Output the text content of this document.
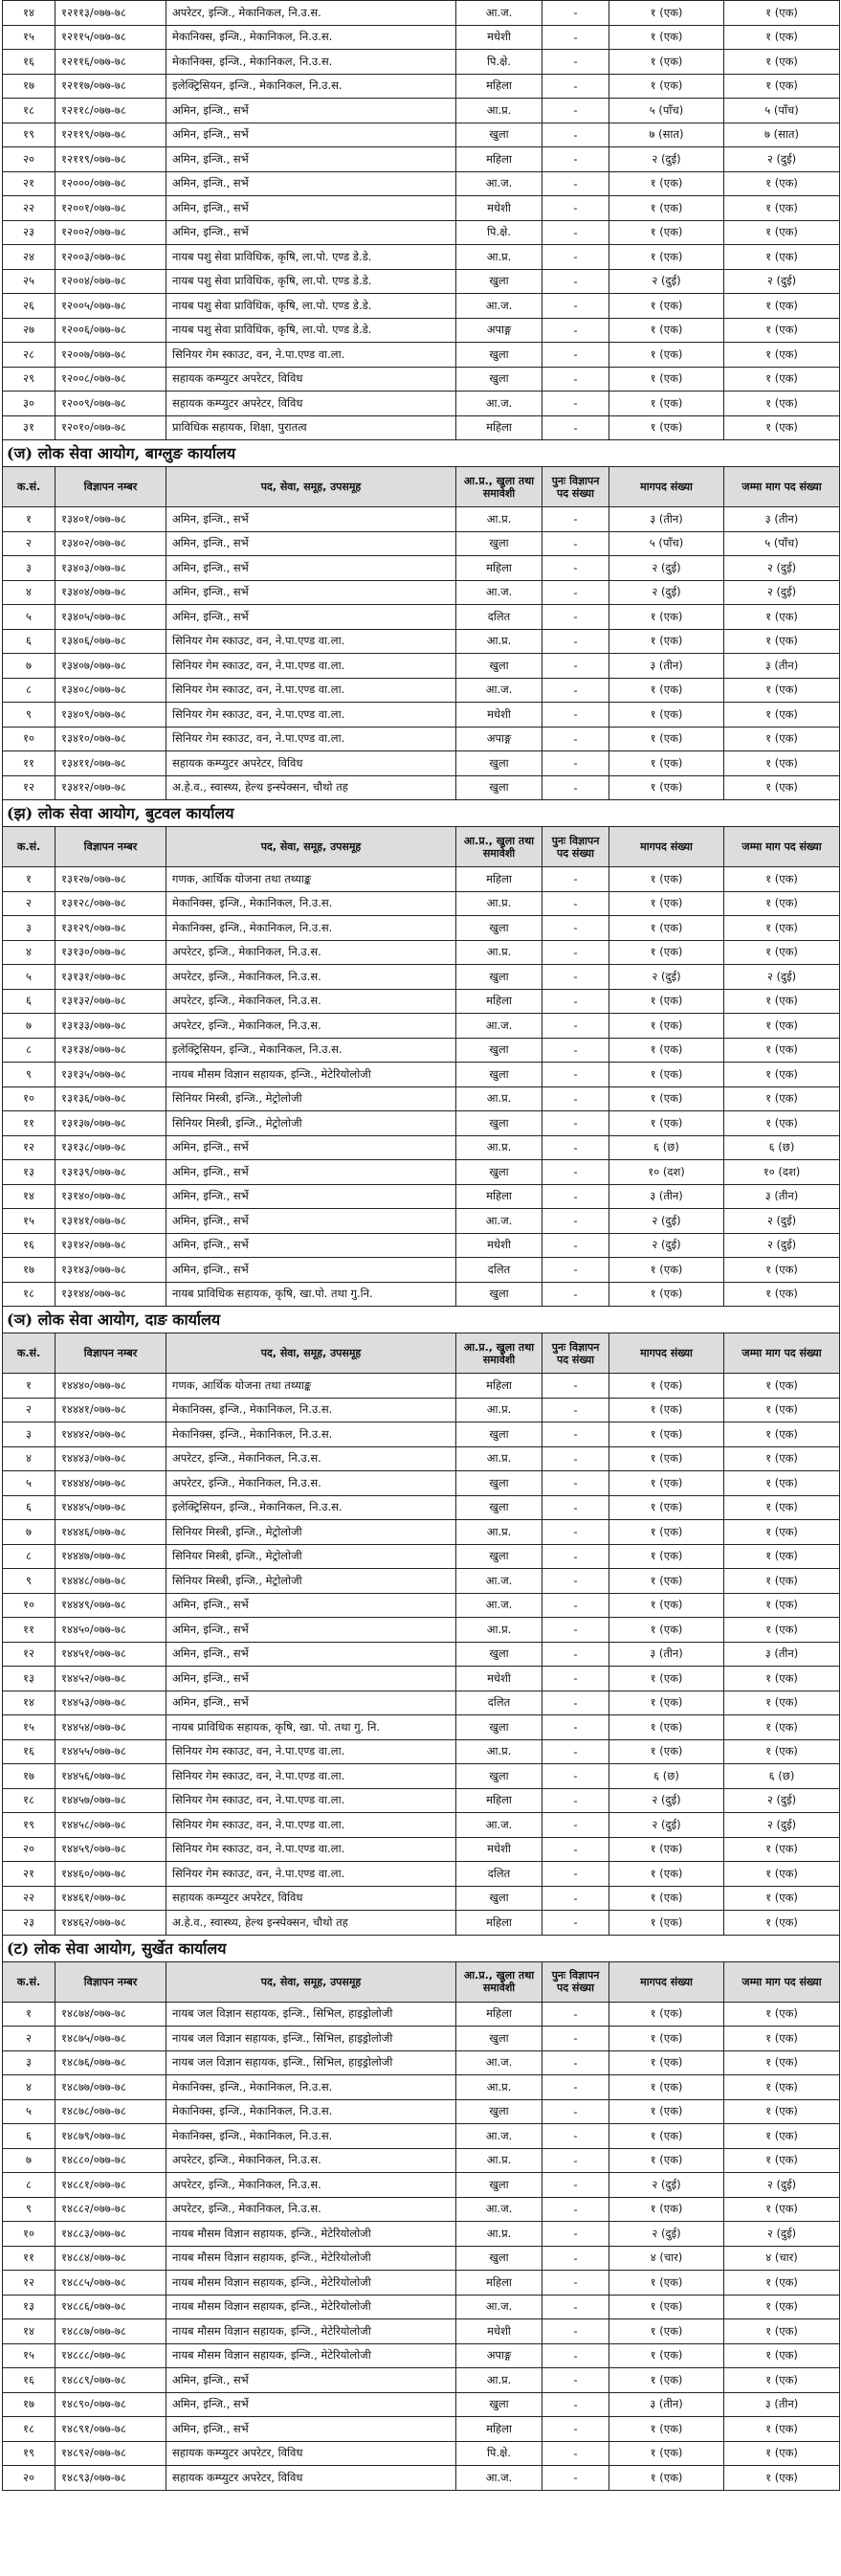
१४	१२११३/०७७-७८	अपरेटर, इन्जि., मेकानिकल, नि.उ.स.	आ.ज.	-	१ (एक)	१ (एक)
१५	१२११५/०७७-७८	मेकानिक्स, इन्जि., मेकानिकल, नि.उ.स.	मधेशी	-	१ (एक)	१ (एक)
१६	१२११६/०७७-७८	मेकानिक्स, इन्जि., मेकानिकल, नि.उ.स.	पि.क्षे.	-	१ (एक)	१ (एक)
१७	१२११७/०७७-७८	इलेक्ट्रिसियन, इन्जि., मेकानिकल, नि.उ.स.	महिला	-	१ (एक)	१ (एक)
१८	१२११८/०७७-७८	अमिन, इन्जि., सर्भे	आ.प्र.	-	५ (पाँच)	५ (पाँच)
१९	१२११९/०७७-७८	अमिन, इन्जि., सर्भे	खुला	-	७ (सात)	७ (सात)
२०	१२११९/०७७-७८	अमिन, इन्जि., सर्भे	महिला	-	२ (दुई)	२ (दुई)
२१	१२०००/०७७-७८	अमिन, इन्जि., सर्भे	आ.ज.	-	१ (एक)	१ (एक)
२२	१२००१/०७७-७८	अमिन, इन्जि., सर्भे	मधेशी	-	१ (एक)	१ (एक)
२३	१२००२/०७७-७८	अमिन, इन्जि., सर्भे	पि.क्षे.	-	१ (एक)	१ (एक)
२४	१२००३/०७७-७८	नायब पशु सेवा प्राविधिक, कृषि, ला.पो. एण्ड डे.डे.	आ.प्र.	-	१ (एक)	१ (एक)
२५	१२००४/०७७-७८	नायब पशु सेवा प्राविधिक, कृषि, ला.पो. एण्ड डे.डे.	खुला	-	२ (दुई)	२ (दुई)
२६	१२००५/०७७-७८	नायब पशु सेवा प्राविधिक, कृषि, ला.पो. एण्ड डे.डे.	आ.ज.	-	१ (एक)	१ (एक)
२७	१२००६/०७७-७८	नायब पशु सेवा प्राविधिक, कृषि, ला.पो. एण्ड डे.डे.	अपाङ्ग	-	१ (एक)	१ (एक)
२८	१२००७/०७७-७८	सिनियर गेम स्काउट, वन, ने.पा.एण्ड वा.ला.	खुला	-	१ (एक)	१ (एक)
२९	१२००८/०७७-७८	सहायक कम्प्युटर अपरेटर, विविध	खुला	-	१ (एक)	१ (एक)
३०	१२००९/०७७-७८	सहायक कम्प्युटर अपरेटर, विविध	आ.ज.	-	१ (एक)	१ (एक)
३१	१२०१०/०७७-७८	प्राविधिक सहायक, शिक्षा, पुरातत्व	महिला	-	१ (एक)	१ (एक)
(ज) लोक सेवा आयोग, बाग्लुङ कार्यालय						
क.सं.	विज्ञापन नम्बर	पद, सेवा, समूह, उपसमूह	आ.प्र., खुला तथा समावेशी	पुनः विज्ञापन पद संख्या	मागपद संख्या	जम्मा माग पद संख्या
१	१३४०१/०७७-७८	अमिन, इन्जि., सर्भे	आ.प्र.	-	३ (तीन)	३ (तीन)
२	१३४०२/०७७-७८	अमिन, इन्जि., सर्भे	खुला	-	५ (पाँच)	५ (पाँच)
३	१३४०३/०७७-७८	अमिन, इन्जि., सर्भे	महिला	-	२ (दुई)	२ (दुई)
४	१३४०४/०७७-७८	अमिन, इन्जि., सर्भे	आ.ज.	-	२ (दुई)	२ (दुई)
५	१३४०५/०७७-७८	अमिन, इन्जि., सर्भे	दलित	-	१ (एक)	१ (एक)
६	१३४०६/०७७-७८	सिनियर गेम स्काउट, वन, ने.पा.एण्ड वा.ला.	आ.प्र.	-	१ (एक)	१ (एक)
७	१३४०७/०७७-७८	सिनियर गेम स्काउट, वन, ने.पा.एण्ड वा.ला.	खुला	-	३ (तीन)	३ (तीन)
८	१३४०८/०७७-७८	सिनियर गेम स्काउट, वन, ने.पा.एण्ड वा.ला.	आ.ज.	-	१ (एक)	१ (एक)
९	१३४०९/०७७-७८	सिनियर गेम स्काउट, वन, ने.पा.एण्ड वा.ला.	मधेशी	-	१ (एक)	१ (एक)
१०	१३४१०/०७७-७८	सिनियर गेम स्काउट, वन, ने.पा.एण्ड वा.ला.	अपाङ्ग	-	१ (एक)	१ (एक)
११	१३४११/०७७-७८	सहायक कम्प्युटर अपरेटर, विविध	खुला	-	१ (एक)	१ (एक)
१२	१३४१२/०७७-७८	अ.हे.व., स्वास्थ्य, हेल्थ इन्स्पेक्सन, चौथो तह	खुला	-	१ (एक)	१ (एक)
(झ) लोक सेवा आयोग, बुटवल कार्यालय						
क.सं.	विज्ञापन नम्बर	पद, सेवा, समूह, उपसमूह	आ.प्र., खुला तथा समावेशी	पुनः विज्ञापन पद संख्या	मागपद संख्या	जम्मा माग पद संख्या
१	१३१२७/०७७-७८	गणक, आर्थिक योजना तथा तथ्याङ्क	महिला	-	१ (एक)	१ (एक)
२	१३१२८/०७७-७८	मेकानिक्स, इन्जि., मेकानिकल, नि.उ.स.	आ.प्र.	-	१ (एक)	१ (एक)
३	१३१२९/०७७-७८	मेकानिक्स, इन्जि., मेकानिकल, नि.उ.स.	खुला	-	१ (एक)	१ (एक)
४	१३१३०/०७७-७८	अपरेटर, इन्जि., मेकानिकल, नि.उ.स.	आ.प्र.	-	१ (एक)	१ (एक)
५	१३१३१/०७७-७८	अपरेटर, इन्जि., मेकानिकल, नि.उ.स.	खुला	-	२ (दुई)	२ (दुई)
६	१३१३२/०७७-७८	अपरेटर, इन्जि., मेकानिकल, नि.उ.स.	महिला	-	१ (एक)	१ (एक)
७	१३१३३/०७७-७८	अपरेटर, इन्जि., मेकानिकल, नि.उ.स.	आ.ज.	-	१ (एक)	१ (एक)
८	१३१३४/०७७-७८	इलेक्ट्रिसियन, इन्जि., मेकानिकल, नि.उ.स.	खुला	-	१ (एक)	१ (एक)
९	१३१३५/०७७-७८	नायब मौसम विज्ञान सहायक, इन्जि., मेटेरियोलोजी	खुला	-	१ (एक)	१ (एक)
१०	१३१३६/०७७-७८	सिनियर मिस्त्री, इन्जि., मेट्रोलोजी	आ.प्र.	-	१ (एक)	१ (एक)
११	१३१३७/०७७-७८	सिनियर मिस्त्री, इन्जि., मेट्रोलोजी	खुला	-	१ (एक)	१ (एक)
१२	१३१३८/०७७-७८	अमिन, इन्जि., सर्भे	आ.प्र.	-	६ (छ)	६ (छ)
१३	१३१३९/०७७-७८	अमिन, इन्जि., सर्भे	खुला	-	१० (दश)	१० (दश)
१४	१३१४०/०७७-७८	अमिन, इन्जि., सर्भे	महिला	-	३ (तीन)	३ (तीन)
१५	१३१४१/०७७-७८	अमिन, इन्जि., सर्भे	आ.ज.	-	२ (दुई)	२ (दुई)
१६	१३१४२/०७७-७८	अमिन, इन्जि., सर्भे	मधेशी	-	२ (दुई)	२ (दुई)
१७	१३१४३/०७७-७८	अमिन, इन्जि., सर्भे	दलित	-	१ (एक)	१ (एक)
१८	१३१४४/०७७-७८	नायब प्राविधिक सहायक, कृषि, खा.पो. तथा गु.नि.	खुला	-	१ (एक)	१ (एक)
(ञ) लोक सेवा आयोग, दाङ कार्यालय						
क.सं.	विज्ञापन नम्बर	पद, सेवा, समूह, उपसमूह	आ.प्र., खुला तथा समावेशी	पुनः विज्ञापन पद संख्या	मागपद संख्या	जम्मा माग पद संख्या
१	१४४४०/०७७-७८	गणक, आर्थिक योजना तथा तथ्याङ्क	महिला	-	१ (एक)	१ (एक)
२	१४४४१/०७७-७८	मेकानिक्स, इन्जि., मेकानिकल, नि.उ.स.	आ.प्र.	-	१ (एक)	१ (एक)
३	१४४४२/०७७-७८	मेकानिक्स, इन्जि., मेकानिकल, नि.उ.स.	खुला	-	१ (एक)	१ (एक)
४	१४४४३/०७७-७८	अपरेटर, इन्जि., मेकानिकल, नि.उ.स.	आ.प्र.	-	१ (एक)	१ (एक)
५	१४४४४/०७७-७८	अपरेटर, इन्जि., मेकानिकल, नि.उ.स.	खुला	-	१ (एक)	१ (एक)
६	१४४४५/०७७-७८	इलेक्ट्रिसियन, इन्जि., मेकानिकल, नि.उ.स.	खुला	-	१ (एक)	१ (एक)
७	१४४४६/०७७-७८	सिनियर मिस्त्री, इन्जि., मेट्रोलोजी	आ.प्र.	-	१ (एक)	१ (एक)
८	१४४४७/०७७-७८	सिनियर मिस्त्री, इन्जि., मेट्रोलोजी	खुला	-	१ (एक)	१ (एक)
९	१४४४८/०७७-७८	सिनियर मिस्त्री, इन्जि., मेट्रोलोजी	आ.ज.	-	१ (एक)	१ (एक)
१०	१४४४९/०७७-७८	अमिन, इन्जि., सर्भे	आ.ज.	-	१ (एक)	१ (एक)
११	१४४५०/०७७-७८	अमिन, इन्जि., सर्भे	आ.प्र.	-	१ (एक)	१ (एक)
१२	१४४५१/०७७-७८	अमिन, इन्जि., सर्भे	खुला	-	३ (तीन)	३ (तीन)
१३	१४४५२/०७७-७८	अमिन, इन्जि., सर्भे	मधेशी	-	१ (एक)	१ (एक)
१४	१४४५३/०७७-७८	अमिन, इन्जि., सर्भे	दलित	-	१ (एक)	१ (एक)
१५	१४४५४/०७७-७८	नायब प्राविधिक सहायक, कृषि, खा. पो. तथा गु. नि.	खुला	-	१ (एक)	१ (एक)
१६	१४४५५/०७७-७८	सिनियर गेम स्काउट, वन, ने.पा.एण्ड वा.ला.	आ.प्र.	-	१ (एक)	१ (एक)
१७	१४४५६/०७७-७८	सिनियर गेम स्काउट, वन, ने.पा.एण्ड वा.ला.	खुला	-	६ (छ)	६ (छ)
१८	१४४५७/०७७-७८	सिनियर गेम स्काउट, वन, ने.पा.एण्ड वा.ला.	महिला	-	२ (दुई)	२ (दुई)
१९	१४४५८/०७७-७८	सिनियर गेम स्काउट, वन, ने.पा.एण्ड वा.ला.	आ.ज.	-	२ (दुई)	२ (दुई)
२०	१४४५९/०७७-७८	सिनियर गेम स्काउट, वन, ने.पा.एण्ड वा.ला.	मधेशी	-	१ (एक)	१ (एक)
२१	१४४६०/०७७-७८	सिनियर गेम स्काउट, वन, ने.पा.एण्ड वा.ला.	दलित	-	१ (एक)	१ (एक)
२२	१४४६१/०७७-७८	सहायक कम्प्युटर अपरेटर, विविध	खुला	-	१ (एक)	१ (एक)
२३	१४४६२/०७७-७८	अ.हे.व., स्वास्थ्य, हेल्थ इन्स्पेक्सन, चौथो तह	महिला	-	१ (एक)	१ (एक)
(ट) लोक सेवा आयोग, सुर्खेत कार्यालय						
क.सं.	विज्ञापन नम्बर	पद, सेवा, समूह, उपसमूह	आ.प्र., खुला तथा समावेशी	पुनः विज्ञापन पद संख्या	मागपद संख्या	जम्मा माग पद संख्या
१	१४८७४/०७७-७८	नायब जल विज्ञान सहायक, इन्जि., सिभिल, हाइड्रोलोजी	महिला	-	१ (एक)	१ (एक)
२	१४८७५/०७७-७८	नायब जल विज्ञान सहायक, इन्जि., सिभिल, हाइड्रोलोजी	खुला	-	१ (एक)	१ (एक)
३	१४८७६/०७७-७८	नायब जल विज्ञान सहायक, इन्जि., सिभिल, हाइड्रोलोजी	आ.ज.	-	१ (एक)	१ (एक)
४	१४८७७/०७७-७८	मेकानिक्स, इन्जि., मेकानिकल, नि.उ.स.	आ.प्र.	-	१ (एक)	१ (एक)
५	१४८७८/०७७-७८	मेकानिक्स, इन्जि., मेकानिकल, नि.उ.स.	खुला	-	१ (एक)	१ (एक)
६	१४८७९/०७७-७८	मेकानिक्स, इन्जि., मेकानिकल, नि.उ.स.	आ.ज.	-	१ (एक)	१ (एक)
७	१४८८०/०७७-७८	अपरेटर, इन्जि., मेकानिकल, नि.उ.स.	आ.प्र.	-	१ (एक)	१ (एक)
८	१४८८१/०७७-७८	अपरेटर, इन्जि., मेकानिकल, नि.उ.स.	खुला	-	२ (दुई)	२ (दुई)
९	१४८८२/०७७-७८	अपरेटर, इन्जि., मेकानिकल, नि.उ.स.	आ.ज.	-	१ (एक)	१ (एक)
१०	१४८८३/०७७-७८	नायब मौसम विज्ञान सहायक, इन्जि., मेटेरियोलोजी	आ.प्र.	-	२ (दुई)	२ (दुई)
११	१४८८४/०७७-७८	नायब मौसम विज्ञान सहायक, इन्जि., मेटेरियोलोजी	खुला	-	४ (चार)	४ (चार)
१२	१४८८५/०७७-७८	नायब मौसम विज्ञान सहायक, इन्जि., मेटेरियोलोजी	महिला	-	१ (एक)	१ (एक)
१३	१४८८६/०७७-७८	नायब मौसम विज्ञान सहायक, इन्जि., मेटेरियोलोजी	आ.ज.	-	१ (एक)	१ (एक)
१४	१४८८७/०७७-७८	नायब मौसम विज्ञान सहायक, इन्जि., मेटेरियोलोजी	मधेशी	-	१ (एक)	१ (एक)
१५	१४८८८/०७७-७८	नायब मौसम विज्ञान सहायक, इन्जि., मेटेरियोलोजी	अपाङ्ग	-	१ (एक)	१ (एक)
१६	१४८८९/०७७-७८	अमिन, इन्जि., सर्भे	आ.प्र.	-	१ (एक)	१ (एक)
१७	१४८९०/०७७-७८	अमिन, इन्जि., सर्भे	खुला	-	३ (तीन)	३ (तीन)
१८	१४८९१/०७७-७८	अमिन, इन्जि., सर्भे	महिला	-	१ (एक)	१ (एक)
१९	१४८९२/०७७-७८	सहायक कम्प्युटर अपरेटर, विविध	पि.क्षे.	-	१ (एक)	१ (एक)
२०	१४८९३/०७७-७८	सहायक कम्प्युटर अपरेटर, विविध	आ.ज.	-	१ (एक)	१ (एक)
